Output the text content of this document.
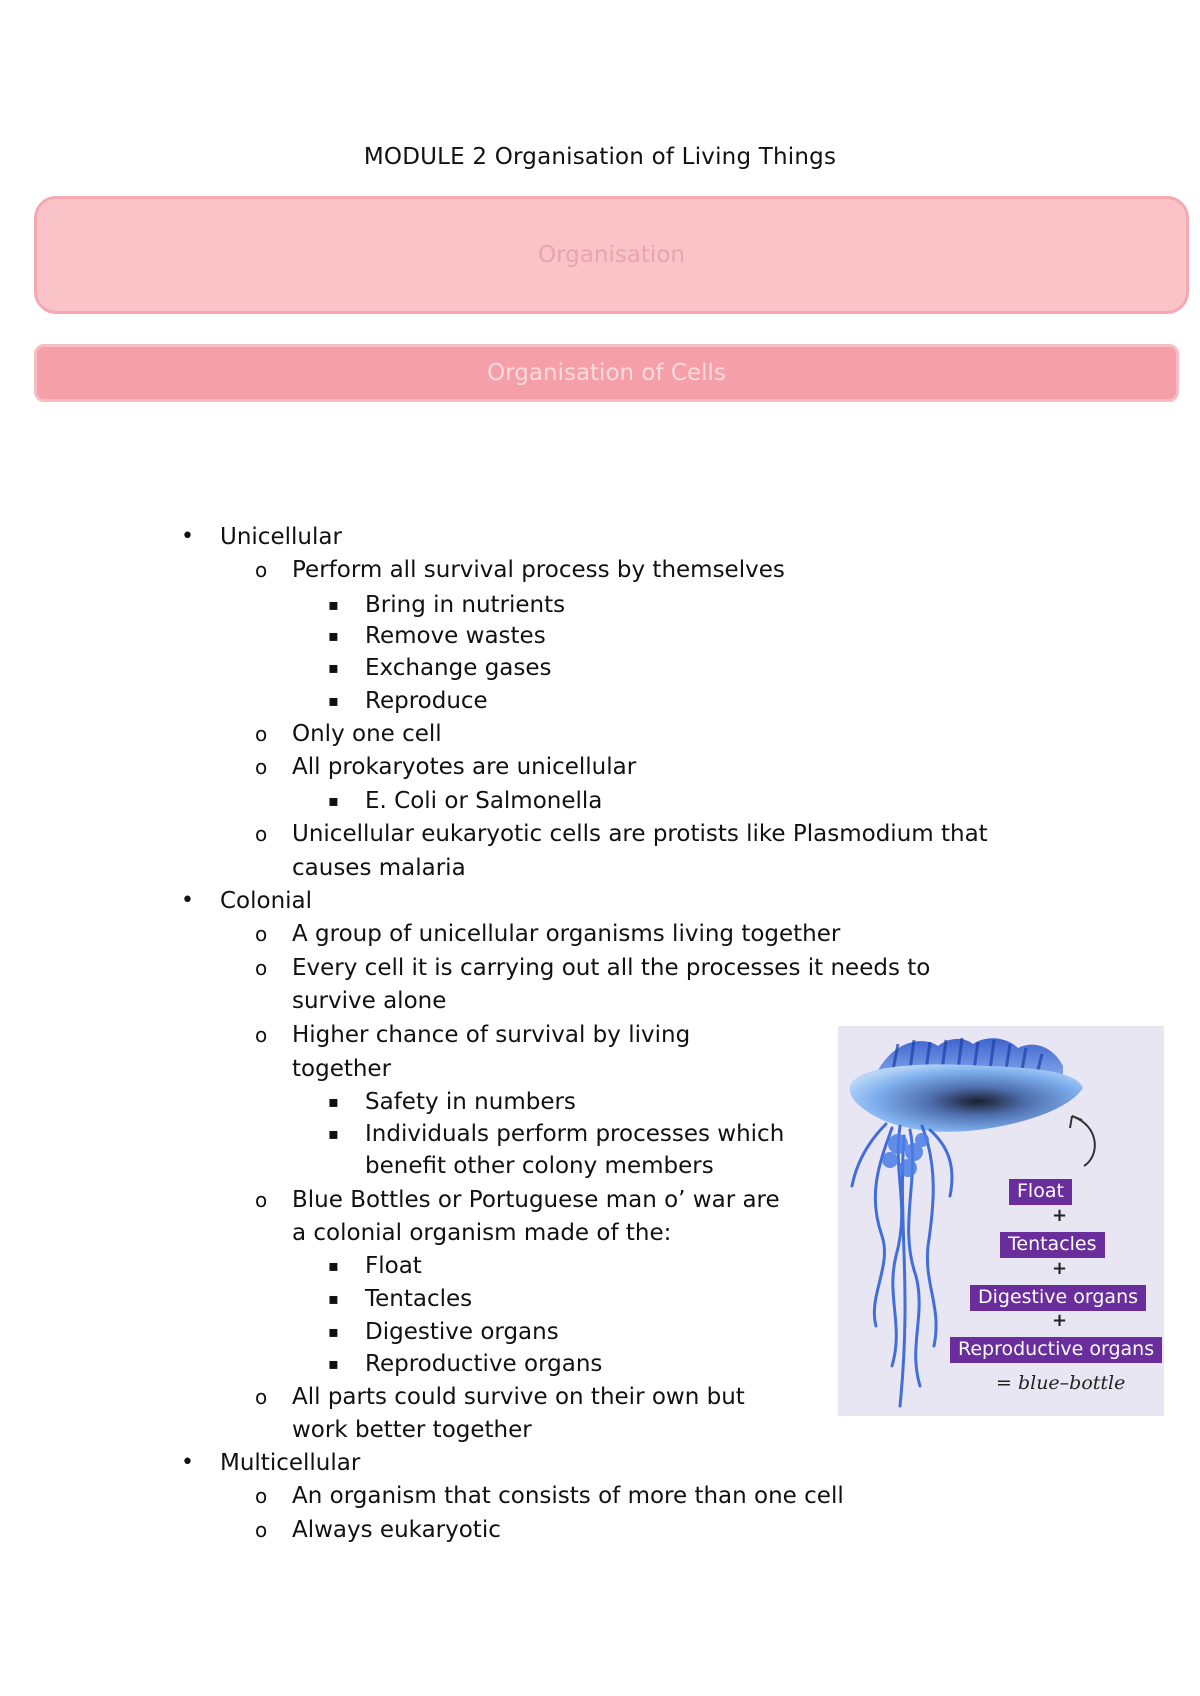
MODULE 2 Organisation of Living Things
Organisation
Organisation of Cells
• Unicellular
o Perform all survival process by themselves
▪ Bring in nutrients
▪ Remove wastes
▪ Exchange gases
▪ Reproduce
o Only one cell
o All prokaryotes are unicellular
▪ E. Coli or Salmonella
o Unicellular eukaryotic cells are protists like Plasmodium that
causes malaria
• Colonial
o A group of unicellular organisms living together
o Every cell it is carrying out all the processes it needs to
survive alone
o Higher chance of survival by living
together
▪ Safety in numbers
▪ Individuals perform processes which
benefit other colony members
o Blue Bottles or Portuguese man o’ war are
a colonial organism made of the:
▪ Float
▪ Tentacles
▪ Digestive organs
▪ Reproductive organs
o All parts could survive on their own but
work better together
• Multicellular
o An organism that consists of more than one cell
o Always eukaryotic
Float
+
Tentacles
+
Digestive organs
+
Reproductive organs
= blue–bottle
